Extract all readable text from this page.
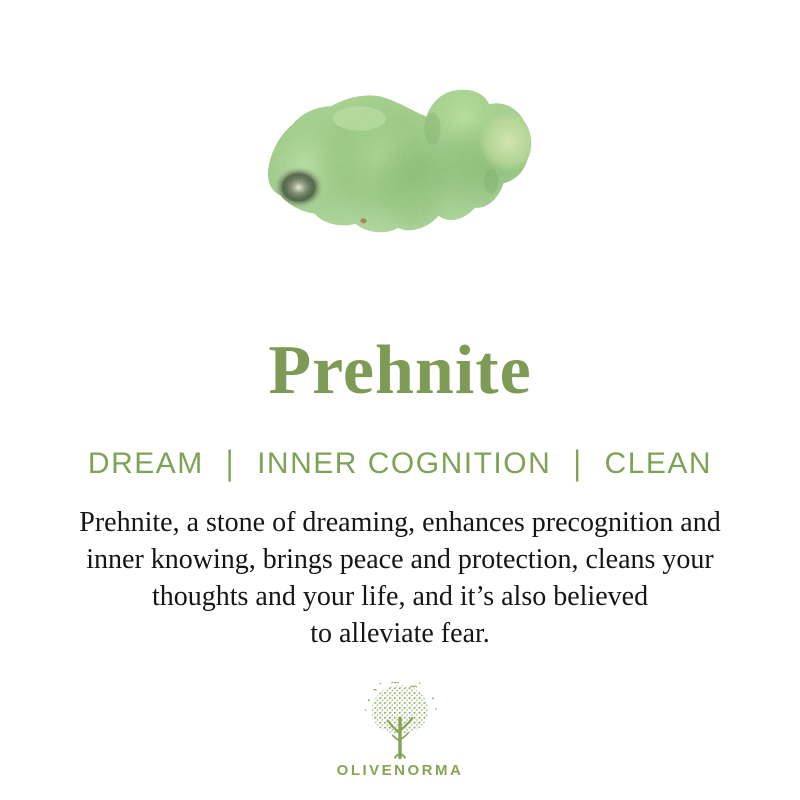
Prehnite
DREAM | INNER COGNITION | CLEAN
Prehnite, a stone of dreaming, enhances precognition and
inner knowing, brings peace and protection, cleans your
thoughts and your life, and it’s also believed
to alleviate fear.
OLIVENORMA
